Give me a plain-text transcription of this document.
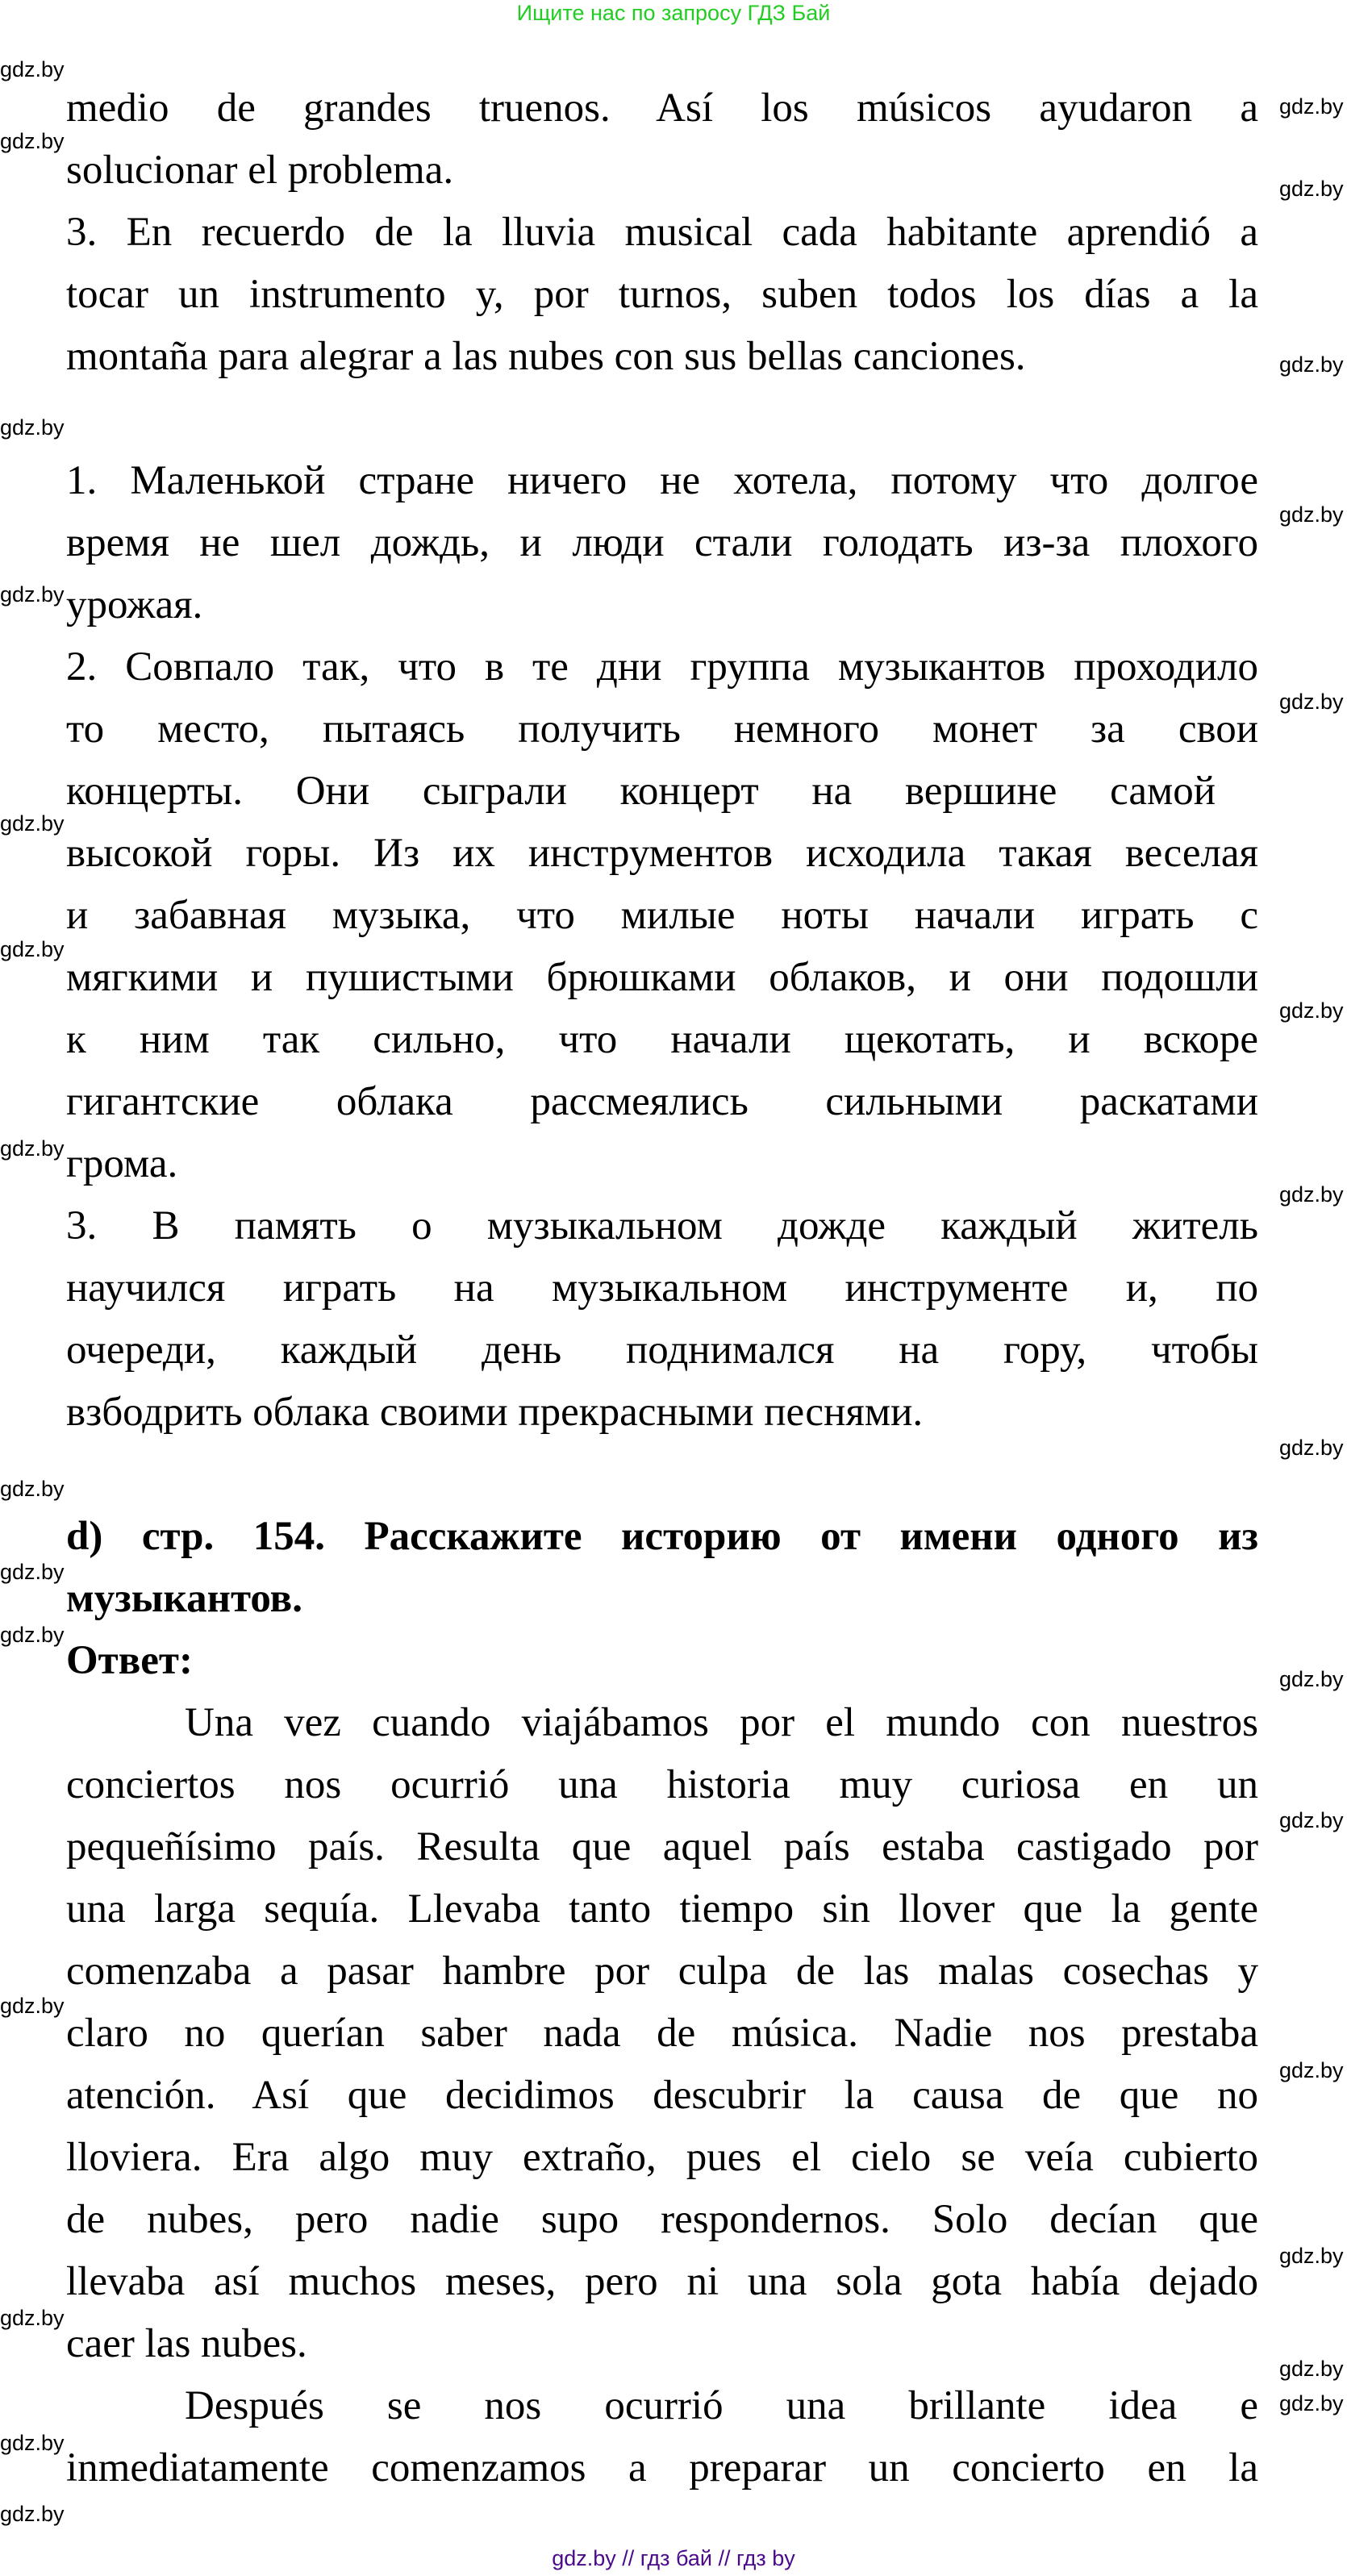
Ищите нас по запросу ГДЗ Бай
medio de grandes truenos. Así los músicos ayudaron a
solucionar el problema.
3. En recuerdo de la lluvia musical cada habitante aprendió a
tocar un instrumento y, por turnos, suben todos los días a la
montaña para alegrar a las nubes con sus bellas canciones.
1. Маленькой стране ничего не хотела, потому что долгое
время не шел дождь, и люди стали голодать из-за плохого
урожая.
2. Совпало так, что в те дни группа музыкантов проходило
то место, пытаясь получить немного монет за свои
концерты. Они сыграли концерт на вершине самой
высокой горы. Из их инструментов исходила такая веселая
и забавная музыка, что милые ноты начали играть с
мягкими и пушистыми брюшками облаков, и они подошли
к ним так сильно, что начали щекотать, и вскоре
гигантские облака рассмеялись сильными раскатами
грома.
3. В память о музыкальном дожде каждый житель
научился играть на музыкальном инструменте и, по
очереди, каждый день поднимался на гору, чтобы
взбодрить облака своими прекрасными песнями.
d) стр. 154. Расскажите историю от имени одного из
музыкантов.
Ответ:
Una vez cuando viajábamos por el mundo con nuestros
conciertos nos ocurrió una historia muy curiosa en un
pequeñísimo país. Resulta que aquel país estaba castigado por
una larga sequía. Llevaba tanto tiempo sin llover que la gente
comenzaba a pasar hambre por culpa de las malas cosechas y
claro no querían saber nada de música. Nadie nos prestaba
atención. Así que decidimos descubrir la causa de que no
lloviera. Era algo muy extraño, pues el cielo se veía cubierto
de nubes, pero nadie supo respondernos. Solo decían que
llevaba así muchos meses, pero ni una sola gota había dejado
caer las nubes.
Después se nos ocurrió una brillante idea e
inmediatamente comenzamos a preparar un concierto en la
gdz.by
gdz.by
gdz.by
gdz.by
gdz.by
gdz.by
gdz.by
gdz.by
gdz.by
gdz.by
gdz.by
gdz.by
gdz.by
gdz.by
gdz.by
gdz.by
gdz.by
gdz.by
gdz.by
gdz.by
gdz.by
gdz.by
gdz.by
gdz.by
gdz.by
gdz.by
gdz.by
gdz.by
gdz.by // гдз бай // гдз by
